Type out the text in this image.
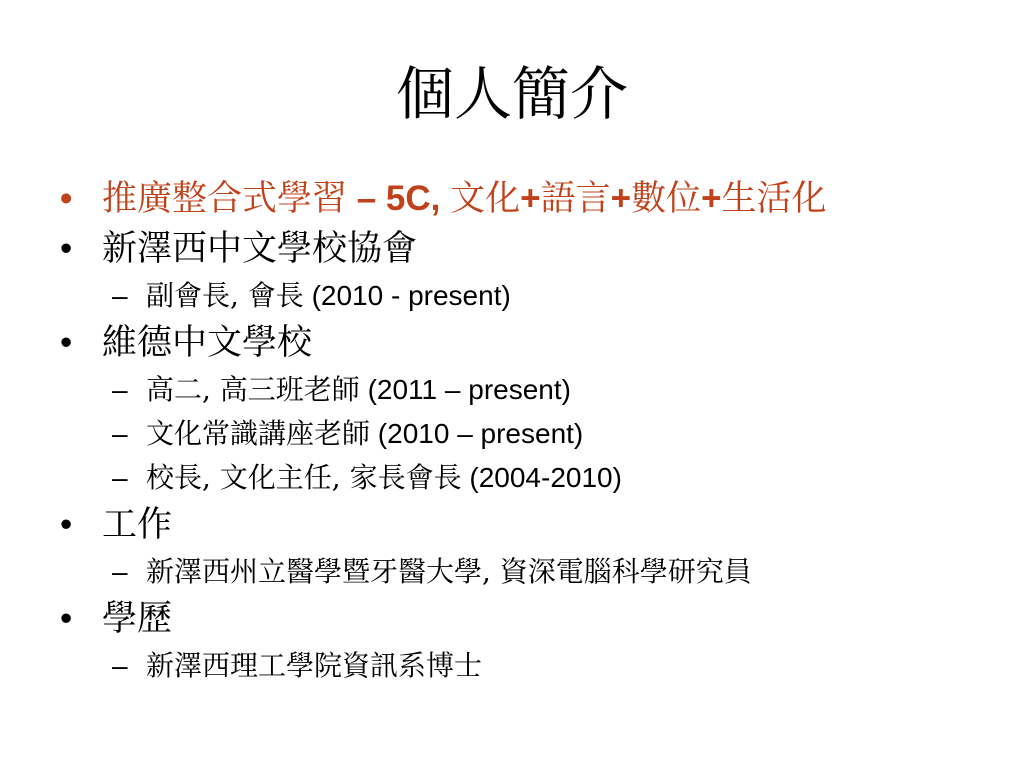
個人簡介
• 推廣整合式學習 – 5C, 文化+語言+數位+生活化
• 新澤西中文學校協會
– 副會長, 會長 (2010 - present)
• 維德中文學校
– 高二, 高三班老師 (2011 – present)
– 文化常識講座老師 (2010 – present)
– 校長, 文化主任, 家長會長 (2004-2010)
• 工作
– 新澤西州立醫學暨牙醫大學, 資深電腦科學研究員
• 學歷
– 新澤西理工學院資訊系博士
